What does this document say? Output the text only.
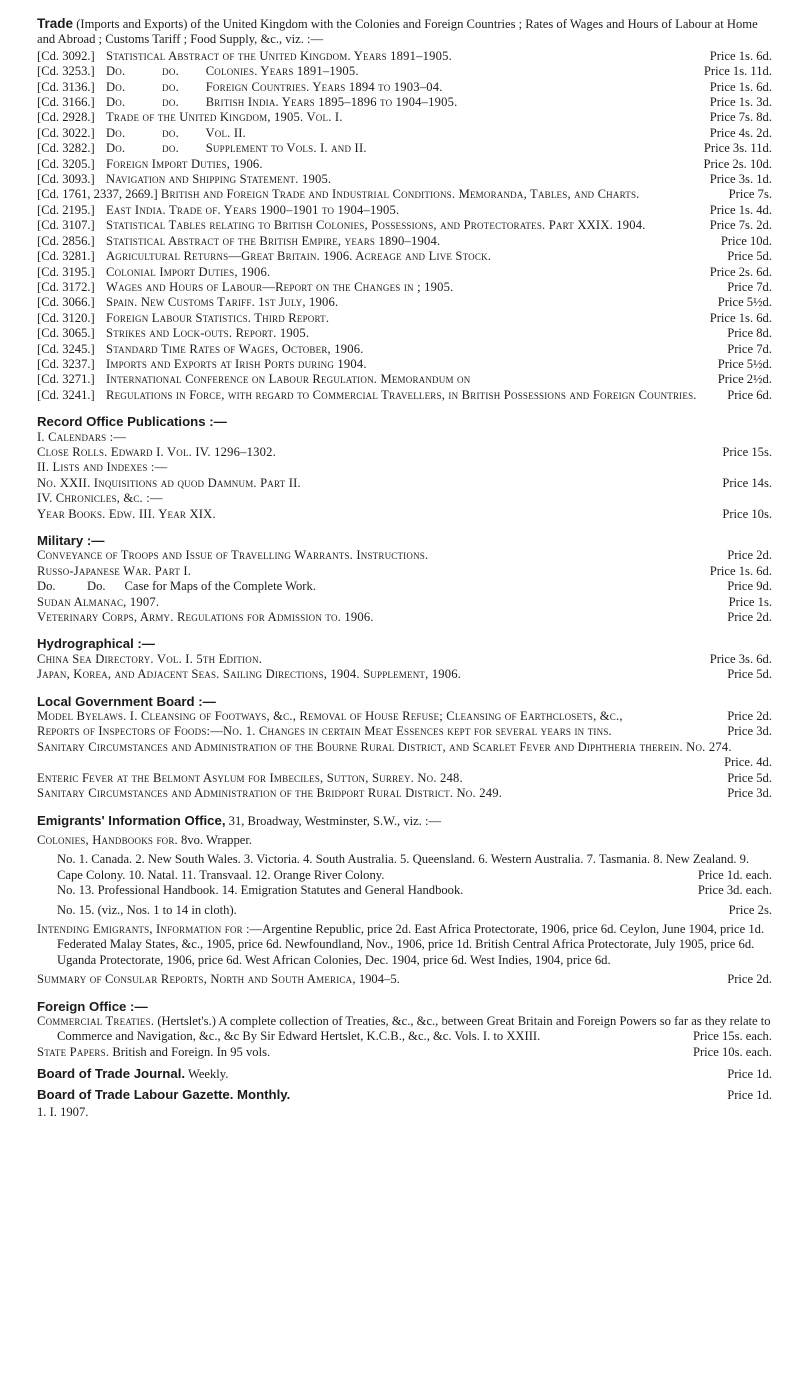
Trade (Imports and Exports) of the United Kingdom with the Colonies and Foreign Countries ; Rates of Wages and Hours of Labour at Home and Abroad ; Customs Tariff ; Food Supply, &c., viz. :—
[Cd. 3092.] Statistical Abstract of the United Kingdom. Years 1891–1905.	Price 1s. 6d.
[Cd. 3253.] Do.           do.        Colonies. Years 1891–1905.	Price 1s. 11d.
[Cd. 3136.] Do.           do.        Foreign Countries. Years 1894 to 1903–04.	Price 1s. 6d.
[Cd. 3166.] Do.           do.        British India. Years 1895–1896 to 1904–1905.	Price 1s. 3d.
[Cd. 2928.] Trade of the United Kingdom, 1905. Vol. I.	Price 7s. 8d.
[Cd. 3022.] Do.           do.        Vol. II.	Price 4s. 2d.
[Cd. 3282.] Do.           do.        Supplement to Vols. I. and II.	Price 3s. 11d.
[Cd. 3205.] Foreign Import Duties, 1906.	Price 2s. 10d.
[Cd. 3093.] Navigation and Shipping Statement. 1905.	Price 3s. 1d.
[Cd. 1761, 2337, 2669.] British and Foreign Trade and Industrial Conditions. Memoranda, Tables, and Charts.	Price 7s.
[Cd. 2195.] East India. Trade of. Years 1900–1901 to 1904–1905.	Price 1s. 4d.
[Cd. 3107.] Statistical Tables relating to British Colonies, Possessions, and Protectorates. Part XXIX. 1904.	Price 7s. 2d.
[Cd. 2856.] Statistical Abstract of the British Empire, years 1890–1904.	Price 10d.
[Cd. 3281.] Agricultural Returns—Great Britain. 1906. Acreage and Live Stock.	Price 5d.
[Cd. 3195.] Colonial Import Duties, 1906.	Price 2s. 6d.
[Cd. 3172.] Wages and Hours of Labour—Report on the Changes in ; 1905.	Price 7d.
[Cd. 3066.] Spain. New Customs Tariff. 1st July, 1906.	Price 5½d.
[Cd. 3120.] Foreign Labour Statistics. Third Report.	Price 1s. 6d.
[Cd. 3065.] Strikes and Lock-outs. Report. 1905.	Price 8d.
[Cd. 3245.] Standard Time Rates of Wages, October, 1906.	Price 7d.
[Cd. 3237.] Imports and Exports at Irish Ports during 1904.	Price 5½d.
[Cd. 3271.] International Conference on Labour Regulation. Memorandum on	Price 2½d.
[Cd. 3241.] Regulations in Force, with regard to Commercial Travellers, in British Possessions and Foreign Countries.	Price 6d.
Record Office Publications :—
I. Calendars :—
Close Rolls. Edward I. Vol. IV. 1296–1302.	Price 15s.
II. Lists and Indexes :—
No. XXII. Inquisitions ad quod Damnum. Part II.	Price 14s.
IV. Chronicles, &c. :—
Year Books. Edw. III. Year XIX.	Price 10s.
Military :—
Conveyance of Troops and Issue of Travelling Warrants. Instructions.	Price 2d.
Russo-Japanese War. Part I.	Price 1s. 6d.
Do.          Do.      Case for Maps of the Complete Work.	Price 9d.
Sudan Almanac, 1907.	Price 1s.
Veterinary Corps, Army. Regulations for Admission to. 1906.	Price 2d.
Hydrographical :—
China Sea Directory. Vol. I. 5th Edition.	Price 3s. 6d.
Japan, Korea, and Adjacent Seas. Sailing Directions, 1904. Supplement, 1906.	Price 5d.
Local Government Board :—
Model Byelaws. I. Cleansing of Footways, &c., Removal of House Refuse; Cleansing of Earthclosets, &c.,	Price 2d.
Reports of Inspectors of Foods:—No. 1. Changes in certain Meat Essences kept for several years in tins.	Price 3d.
Sanitary Circumstances and Administration of the Bourne Rural District, and Scarlet Fever and Diphtheria therein. No. 274.
Price. 4d.
Enteric Fever at the Belmont Asylum for Imbeciles, Sutton, Surrey. No. 248.	Price 5d.
Sanitary Circumstances and Administration of the Bridport Rural District. No. 249.	Price 3d.
Emigrants' Information Office, 31, Broadway, Westminster, S.W., viz. :—
Colonies, Handbooks for. 8vo. Wrapper.
No. 1. Canada. 2. New South Wales. 3. Victoria. 4. South Australia. 5. Queensland. 6. Western Australia. 7. Tasmania. 8. New Zealand. 9. Cape Colony. 10. Natal. 11. Transvaal. 12. Orange River Colony.	Price 1d. each.
No. 13. Professional Handbook. 14. Emigration Statutes and General Handbook.	Price 3d. each.
No. 15. (viz., Nos. 1 to 14 in cloth).	Price 2s.
Intending Emigrants, Information for :—Argentine Republic, price 2d. East Africa Protectorate, 1906, price 6d. Ceylon, June 1904, price 1d. Federated Malay States, &c., 1905, price 6d. Newfoundland, Nov., 1906, price 1d. British Central Africa Protectorate, July 1905, price 6d. Uganda Protectorate, 1906, price 6d. West African Colonies, Dec. 1904, price 6d. West Indies, 1904, price 6d.
Summary of Consular Reports, North and South America, 1904–5.	Price 2d.
Foreign Office :—
Commercial Treaties. (Hertslet's.) A complete collection of Treaties, &c., &c., between Great Britain and Foreign Powers so far as they relate to Commerce and Navigation, &c., &c By Sir Edward Hertslet, K.C.B., &c., &c. Vols. I. to XXIII.	Price 15s. each.
State Papers. British and Foreign. In 95 vols.	Price 10s. each.
Board of Trade Journal. Weekly.	Price 1d.
Board of Trade Labour Gazette. Monthly.	Price 1d.
1. I. 1907.
